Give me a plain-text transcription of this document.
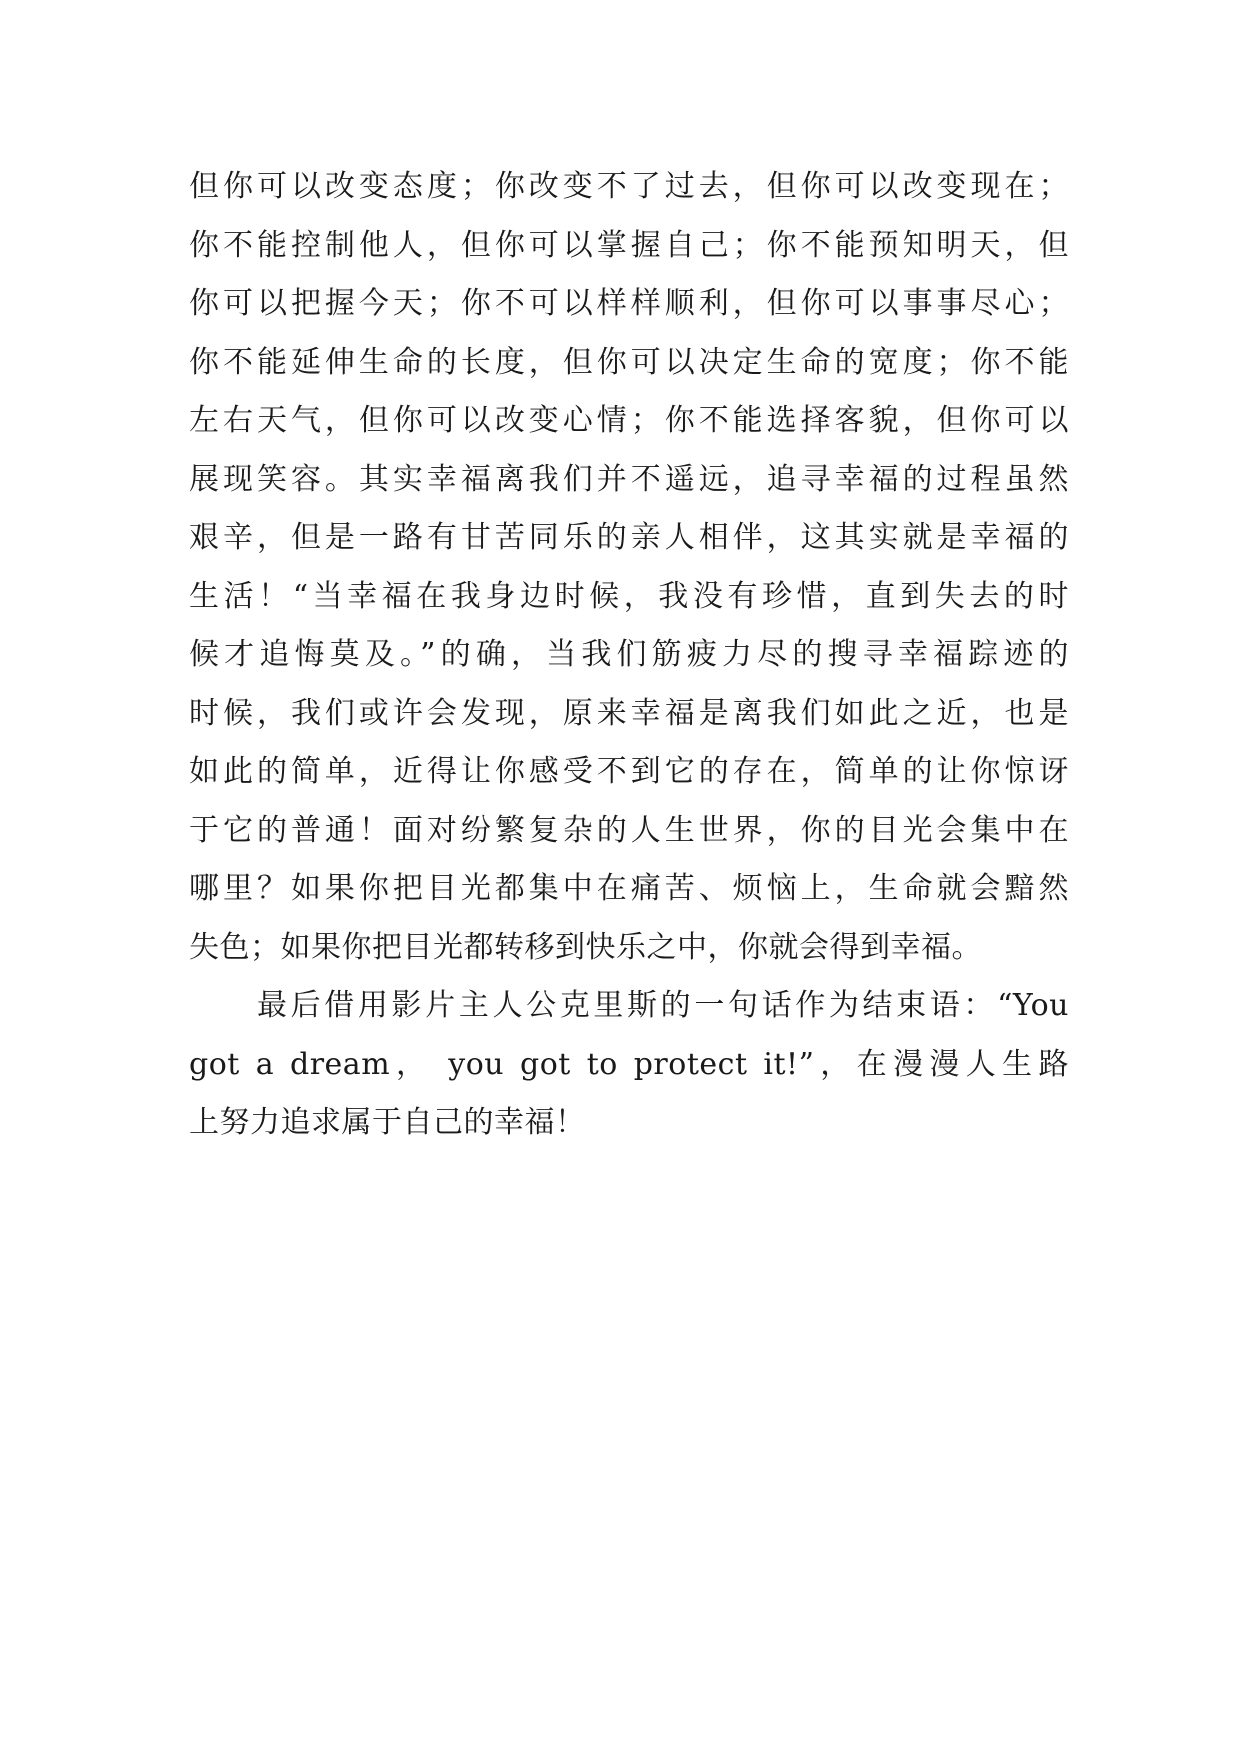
但你可以改变态度；你改变不了过去，但你可以改变现在；
你不能控制他人，但你可以掌握自己；你不能预知明天，但
你可以把握今天；你不可以样样顺利，但你可以事事尽心；
你不能延伸生命的长度，但你可以决定生命的宽度；你不能
左右天气，但你可以改变心情；你不能选择客貌，但你可以
展现笑容。其实幸福离我们并不遥远，追寻幸福的过程虽然
艰辛，但是一路有甘苦同乐的亲人相伴，这其实就是幸福的
生活！“当幸福在我身边时候，我没有珍惜，直到失去的时
候才追悔莫及。”的确，当我们筋疲力尽的搜寻幸福踪迹的
时候，我们或许会发现，原来幸福是离我们如此之近，也是
如此的简单，近得让你感受不到它的存在，简单的让你惊讶
于它的普通！面对纷繁复杂的人生世界，你的目光会集中在
哪里？如果你把目光都集中在痛苦、烦恼上，生命就会黯然
失色；如果你把目光都转移到快乐之中，你就会得到幸福。
最后借用影片主人公克里斯的一句话作为结束语：“You
got a dream， you got to protect it!”，在漫漫人生路
上努力追求属于自己的幸福！
